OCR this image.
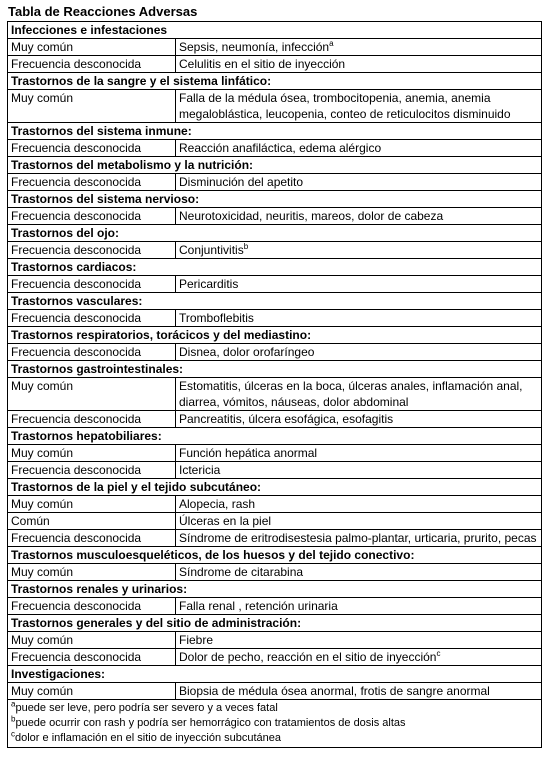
Tabla de Reacciones Adversas
Infecciones e infestaciones	
Muy común	Sepsis, neumonía, infección$^a$
Frecuencia desconocida	Celulitis en el sitio de inyección
Trastornos de la sangre y el sistema linfático:	
Muy común	Falla de la médula ósea, trombocitopenia, anemia, anemia megaloblástica, leucopenia, conteo de reticulocitos disminuido
Trastornos del sistema inmune:	
Frecuencia desconocida	Reacción anafiláctica, edema alérgico
Trastornos del metabolismo y la nutrición:	
Frecuencia desconocida	Disminución del apetito
Trastornos del sistema nervioso:	
Frecuencia desconocida	Neurotoxicidad, neuritis, mareos, dolor de cabeza
Trastornos del ojo:	
Frecuencia desconocida	Conjuntivitis$^b$
Trastornos cardiacos:	
Frecuencia desconocida	Pericarditis
Trastornos vasculares:	
Frecuencia desconocida	Tromboflebitis
Trastornos respiratorios, torácicos y del mediastino:	
Frecuencia desconocida	Disnea, dolor orofaríngeo
Trastornos gastrointestinales:	
Muy común	Estomatitis, úlceras en la boca, úlceras anales, inflamación anal, diarrea, vómitos, náuseas, dolor abdominal
Frecuencia desconocida	Pancreatitis, úlcera esofágica, esofagitis
Trastornos hepatobiliares:	
Muy común	Función hepática anormal
Frecuencia desconocida	Ictericia
Trastornos de la piel y el tejido subcutáneo:	
Muy común	Alopecia, rash
Común	Úlceras en la piel
Frecuencia desconocida	Síndrome de eritrodisestesia palmo-plantar, urticaria, prurito, pecas
Trastornos musculoesqueléticos, de los huesos y del tejido conectivo:	
Muy común	Síndrome de citarabina
Trastornos renales y urinarios:	
Frecuencia desconocida	Falla renal , retención urinaria
Trastornos generales y del sitio de administración:	
Muy común	Fiebre
Frecuencia desconocida	Dolor de pecho, reacción en el sitio de inyección$^c$
Investigaciones:	
Muy común	Biopsia de médula ósea anormal, frotis de sangre anormal

$^a$puede ser leve, pero podría ser severo y a veces fatal
$^b$puede ocurrir con rash y podría ser hemorrágico con tratamientos de dosis altas
$^c$dolor e inflamación en el sitio de inyección subcutánea	
